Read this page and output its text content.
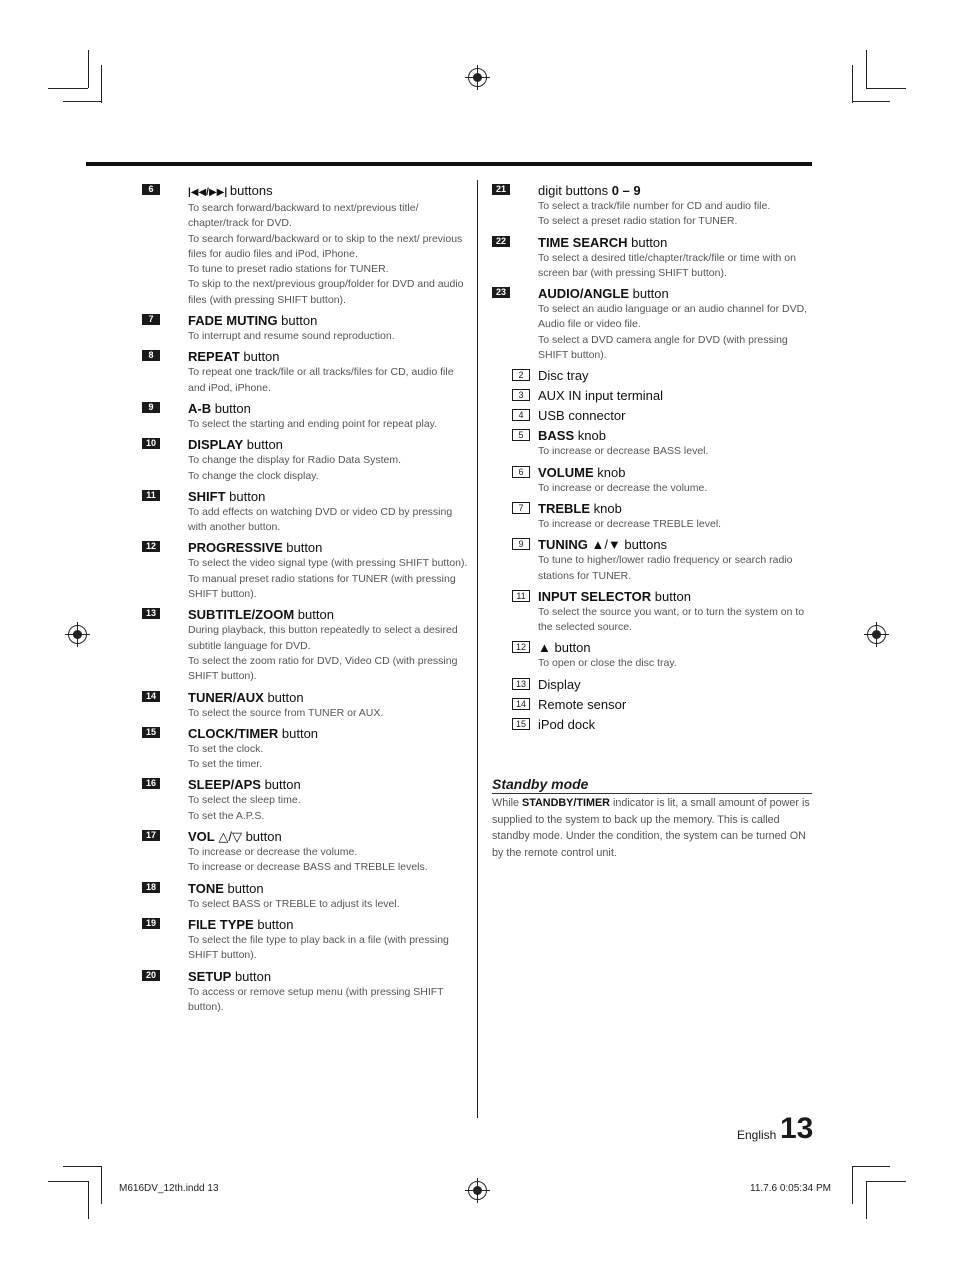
6	|◀◀/▶▶| buttons
To search forward/backward to next/previous title/ chapter/track for DVD.
To search forward/backward or to skip to the next/ previous files for audio files and iPod, iPhone.
To tune to preset radio stations for TUNER.
To skip to the next/previous group/folder for DVD and audio files (with pressing SHIFT button).
7	FADE MUTING button
To interrupt and resume sound reproduction.
8	REPEAT button
To repeat one track/file or all tracks/files for CD, audio file and iPod, iPhone.
9	A-B button
To select the starting and ending point for repeat play.
10	DISPLAY button
To change the display for Radio Data System.
To change the clock display.
11	SHIFT button
To add effects on watching DVD or video CD by pressing with another button.
12	PROGRESSIVE button
To select the video signal type (with pressing SHIFT button).
To manual preset radio stations for TUNER (with pressing SHIFT button).
13	SUBTITLE/ZOOM button
During playback, this button repeatedly to select a desired subtitle language for DVD.
To select the zoom ratio for DVD, Video CD (with pressing SHIFT button).
14	TUNER/AUX button
To select the source from TUNER or AUX.
15	CLOCK/TIMER button
To set the clock.
To set the timer.
16	SLEEP/APS button
To select the sleep time.
To set the A.P.S.
17	VOL △/▽ button
To increase or decrease the volume.
To increase or decrease BASS and TREBLE levels.
18	TONE button
To select BASS or TREBLE to adjust its level.
19	FILE TYPE button
To select the file type to play back in a file (with pressing SHIFT button).
20	SETUP button
To access or remove setup menu (with pressing SHIFT button).
21	digit buttons 0 – 9
To select a track/file number for CD and audio file.
To select a preset radio station for TUNER.
22	TIME SEARCH button
To select a desired title/chapter/track/file or time with on screen bar (with pressing SHIFT button).
23	AUDIO/ANGLE button
To select an audio language or an audio channel for DVD, Audio file or video file.
To select a DVD camera angle for DVD (with pressing SHIFT button).
2	Disc tray
3	AUX IN input terminal
4	USB connector
5	BASS knob
To increase or decrease BASS level.
6	VOLUME knob
To increase or decrease the volume.
7	TREBLE knob
To increase or decrease TREBLE level.
9	TUNING ▲/▼ buttons
To tune to higher/lower radio frequency or search radio stations for TUNER.
11 INPUT SELECTOR button
To select the source you want, or to turn the system on to the selected source.
12 ▲ button
To open or close the disc tray.
13 Display
14 Remote sensor
15 iPod dock
Standby mode
While STANDBY/TIMER indicator is lit, a small amount of power is supplied to the system to back up the memory. This is called standby mode. Under the condition, the system can be turned ON by the remote control unit.
English 13
M616DV_12th.indd 13	11.7.6 0:05:34 PM
